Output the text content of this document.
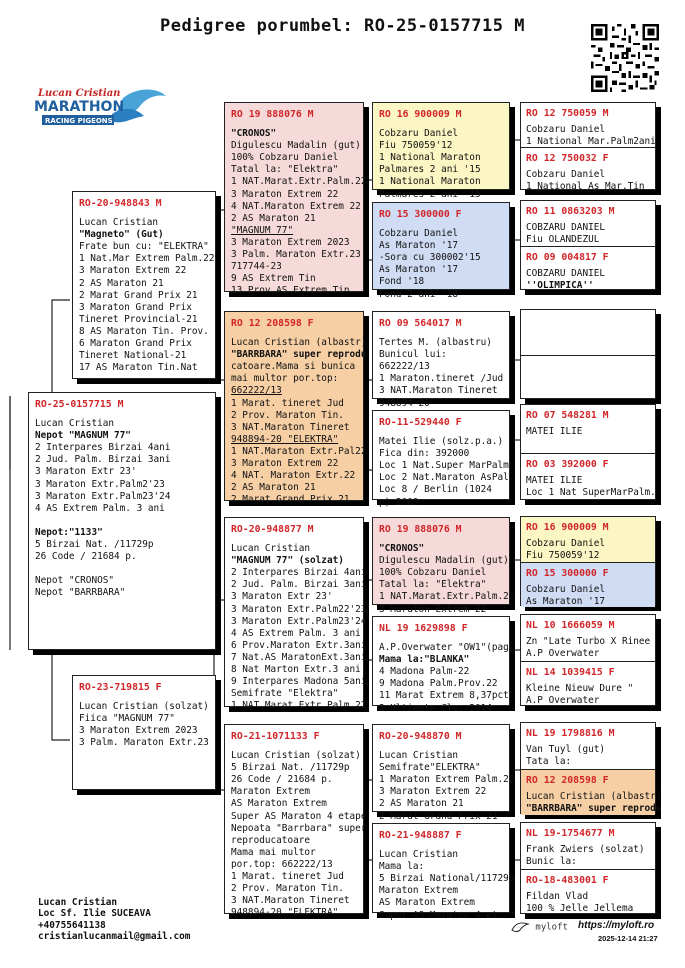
Pedigree porumbel: RO-25-0157715 M
Lucan Cristian
MARATHON
RACING PIGEONS
RO-25-0157715 M
Lucan Cristian
Nepot "MAGNUM 77"
2 Interpares Birzai 4ani
2 Jud. Palm. Birzai 3ani
3 Maraton Extr 23'
3 Maraton Extr.Palm2'23
3 Maraton Extr.Palm23'24
4 AS Extrem Palm. 3 ani
Nepot:"1133"
5 Birzai Nat. /11729p
26 Code / 21684 p.
Nepot "CRONOS"
Nepot "BARRBARA"
RO-20-948843 M
Lucan Cristian
"Magneto" (Gut)
Frate bun cu: "ELEKTRA"
1 Nat.Mar Extrem Palm.22
3 Maraton Extrem 22
2 AS Maraton 21
2 Marat Grand Prix 21
3 Maraton Grand Prix
Tineret Provincial-21
8 AS Maraton Tin. Prov.
6 Maraton Grand Prix
Tineret National-21
17 AS Maraton Tin.Nat
RO-23-719815 F
Lucan Cristian (solzat)
Fiica "MAGNUM 77"
3 Maraton Extrem 2023
3 Palm. Maraton Extr.23
RO 19 888076 M
"CRONOS"
Digulescu Madalin (gut)
100% Cobzaru Daniel
Tatal la: "Elektra"
1 NAT.Marat.Extr.Palm.22
3 Maraton Extrem 22
4 NAT.Maraton Extrem 22
2 AS Maraton 21
"MAGNUM 77"
3 Maraton Extrem 2023
3 Palm. Maraton Extr.23
717744-23
9 AS Extrem Tin
13 Prov.AS Extrem Tin
RO 12 208598 F
Lucan Cristian (albastr)
"BARRBARA" super reprodu
catoare.Mama si bunica
mai multor por.top:
662222/13
1 Marat. tineret Jud
2 Prov. Maraton Tin.
3 NAT.Maraton Tineret
948894-20 "ELEKTRA"
1 NAT.Maraton Extr.Pal22
3 Maraton Extrem 22
4 NAT. Maraton Extr.22
2 AS Maraton 21
2 Marat Grand Prix 21
RO-20-948877 M
Lucan Cristian
"MAGNUM 77" (solzat)
2 Interpares Birzai 4ani
2 Jud. Palm. Birzai 3ani
3 Maraton Extr 23'
3 Maraton Extr.Palm22'23
3 Maraton Extr.Palm23'24
4 AS Extrem Palm. 3 ani
6 Prov.Maraton Extr.3ani
7 Nat.AS MaratonExt.3ani
8 Nat Marton Extr.3 ani
9 Interpares Madona 5ani
Semifrate "Elektra"
1 NAT.Marat.Extr.Palm.22
RO-21-1071133 F
Lucan Cristian (solzat)
5 Birzai Nat. /11729p
26 Code / 21684 p.
Maraton Extrem
AS Maraton Extrem
Super AS Maraton 4 etape
Nepoata "Barrbara" super
reproducatoare
Mama mai multor
por.top: 662222/13
1 Marat. tineret Jud
2 Prov. Maraton Tin.
3 NAT.Maraton Tineret
948894-20 "ELEKTRA"
RO 16 900009 M
Cobzaru Daniel
Fiu 750059'12
1 National Maraton
Palmares 2 ani '15
1 National Maraton
Palmares 2 ani '15
RO 15 300000 F
Cobzaru Daniel
As Maraton '17
-Sora cu 300002'15
As Maraton '17
Fond '18
Fond 2 ani '18
RO 09 564017 M
Tertes M. (albastru)
Bunicul lui:
662222/13
1 Maraton.tineret /Jud
3 NAT.Maraton Tineret
948894-20
RO-11-529440 F
Matei Ilie (solz.p.a.)
Fica din: 392000
Loc 1 Nat.Super MarPalm.
Loc 2 Nat.Maraton AsPal.
Loc 8 / Berlin (1024
p) 2009
RO 19 888076 M
"CRONOS"
Digulescu Madalin (gut)
100% Cobzaru Daniel
Tatal la: "Elektra"
1 NAT.Marat.Extr.Palm.22
3 Maraton Extrem 22
NL 19 1629898 F
A.P.Overwater "OW1"(pag)
Mama la:"BLANKA"
4 Madona Palm-22
9 Madona Palm.Prov.22
11 Marat Extrem 8,37pct
3 Ultimate Cls. 2014
RO-20-948870 M
Lucan Cristian
Semifrate"ELEKTRA"
1 Maraton Extrem Palm.22
3 Maraton Extrem 22
2 AS Maraton 21
2 Marat Grand Prix 21
RO-21-948887 F
Lucan Cristian
Mama la:
5 Birzai National/11729p
Maraton Extrem
AS Maraton Extrem
Super AS Maraton 4 et.
RO 12 750059 M
Cobzaru Daniel
1 National Mar.Palm2ani
RO 12 750032 F
Cobzaru Daniel
1 National As Mar.Tin
RO 11 0863203 M
COBZARU DANIEL
Fiu OLANDEZUL
RO 09 004817 F
COBZARU DANIEL
''OLIMPICA''
RO 07 548281 M
MATEI ILIE
RO 03 392000 F
MATEI ILIE
Loc 1 Nat SuperMarPalm.
RO 16 900009 M
Cobzaru Daniel
Fiu 750059'12
RO 15 300000 F
Cobzaru Daniel
As Maraton '17
NL 10 1666059 M
Zn "Late Turbo X Rinee
A.P Overwater
NL 14 1039415 F
Kleine Nieuw Dure "
A.P Overwater
NL 19 1798816 M
Van Tuyl (gut)
Tata la:
RO 12 208598 F
Lucan Cristian (albastr)
"BARRBARA" super reprodu
NL 19-1754677 M
Frank Zwiers (solzat)
Bunic la:
RO-18-483001 F
Fildan Vlad
100 % Jelle Jellema
Lucan Cristian
Loc Sf. Ilie SUCEAVA
+40755641138
cristianlucanmail@gmail.com
myloft https://myloft.ro
2025-12-14 21:27
